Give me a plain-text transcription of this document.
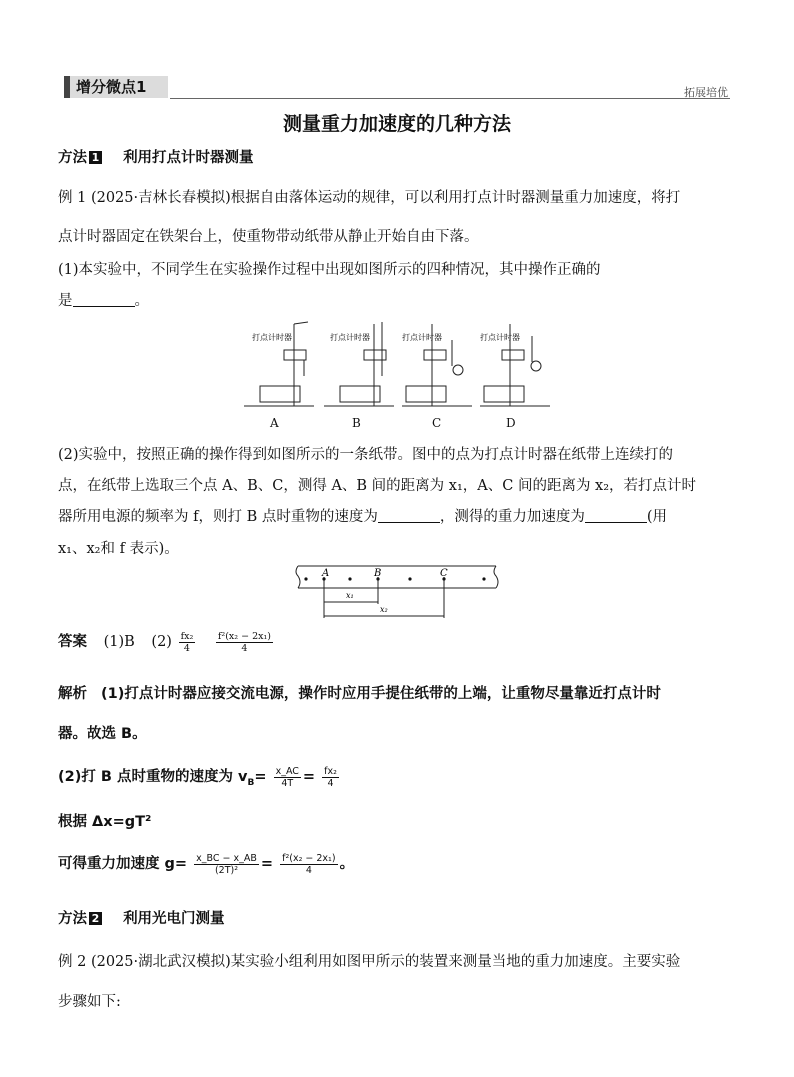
增分微点1	拓展培优
测量重力加速度的几种方法
方法 1 利用打点计时器测量
例 1 (2025·吉林长春模拟)根据自由落体运动的规律，可以利用打点计时器测量重力加速度，将打
点计时器固定在铁架台上，使重物带动纸带从静止开始自由下落。
(1)本实验中，不同学生在实验操作过程中出现如图所示的四种情况，其中操作正确的
是	。
打点计时器	打点计时器	打点计时器	打点计时器
A	B	C	D
(2)实验中，按照正确的操作得到如图所示的一条纸带。图中的点为打点计时器在纸带上连续打的
点，在纸带上选取三个点 A、B、C，测得 A、B 间的距离为 x₁，A、C 间的距离为 x₂，若打点计时
器所用电源的频率为 f，则打 B 点时重物的速度为	，测得的重力加速度为	(用
x₁、x₂和 f 表示)。
A	B	C
x₁
x₂
答案 (1)B $(2) \frac{\text{fx₂}}{4}$
$\frac{\text{f²(x₂ − 2x₁)}}{4}$
解析 (1)打点计时器应接交流电源，操作时应用手提住纸带的上端，让重物尽量靠近打点计时
器。故选 B。
(2)打 B 点时重物的速度为 $v_B= \frac{x\_AC}{4T} = \frac{\text{fx₂}}{4}$
根据 Δx=gT²
可得重力加速度 $g= \frac{x\_BC - x\_AB}{\text{(2T)²}} = \frac{\text{f²(x₂ − 2x₁)}}{4}$ 。
方法 2 利用光电门测量
例 2 (2025·湖北武汉模拟)某实验小组利用如图甲所示的装置来测量当地的重力加速度。主要实验
步骤如下:
